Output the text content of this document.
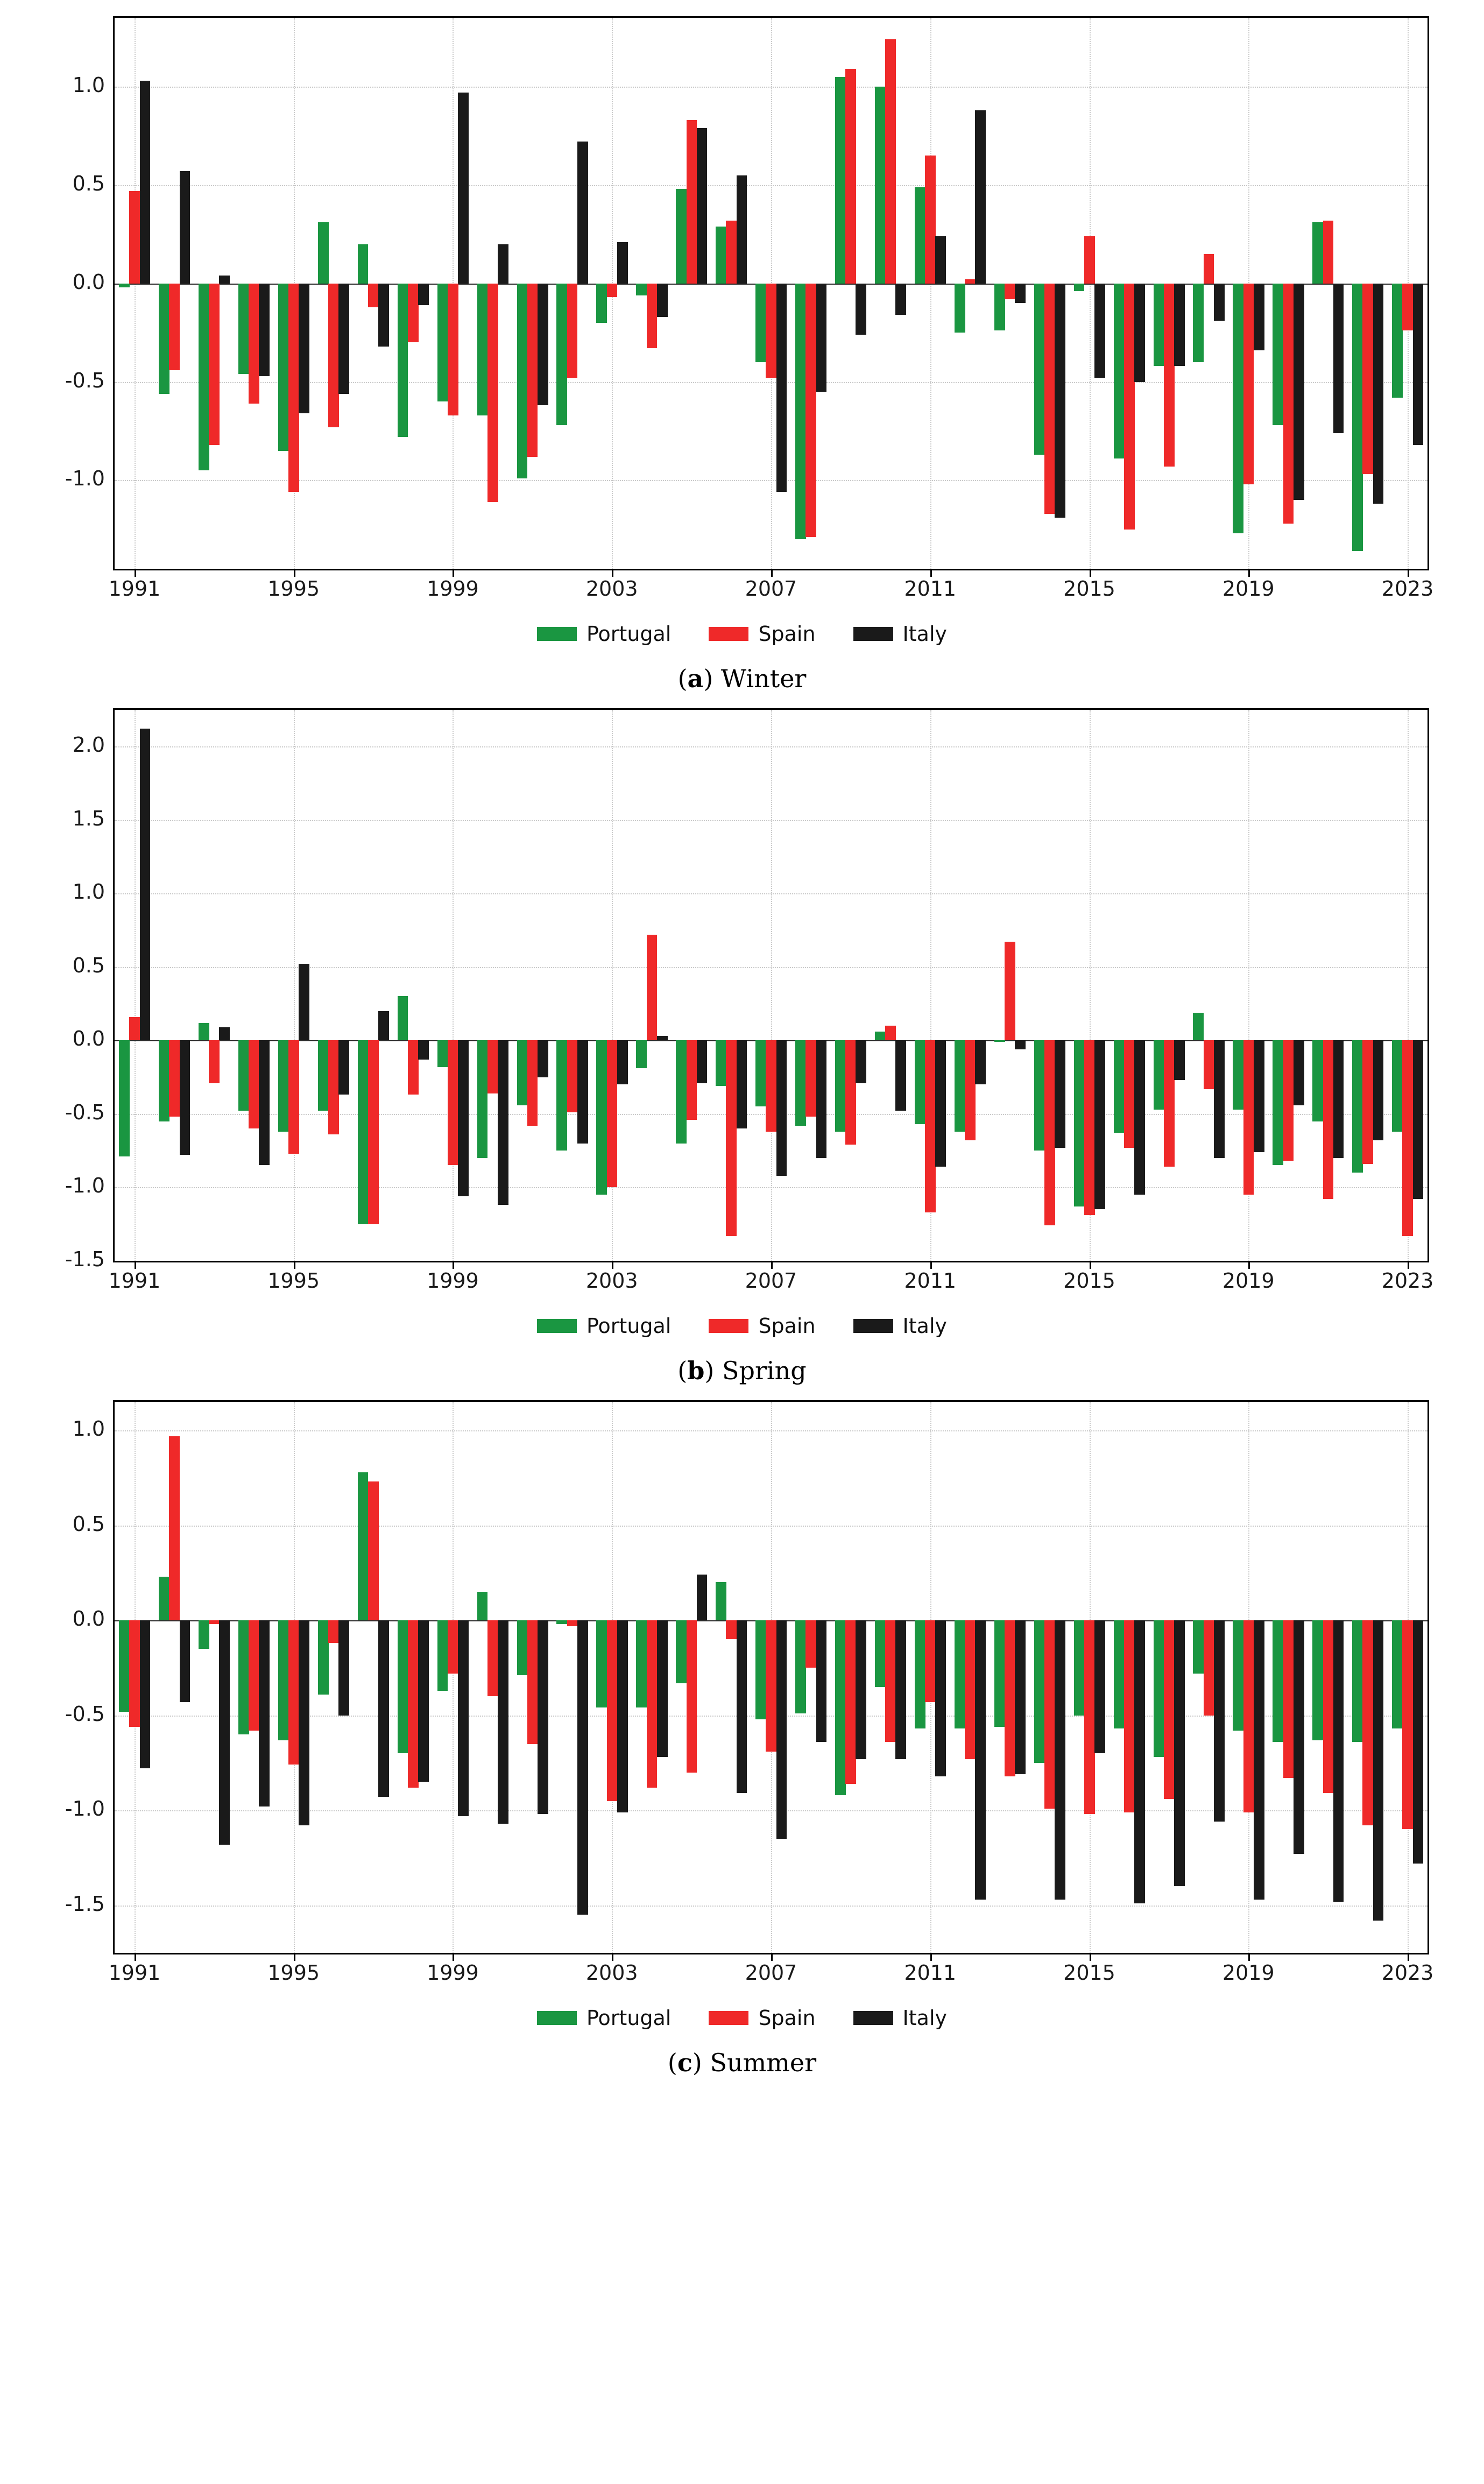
-1.0
-0.5
0.0
0.5
1.0
1991	1995	1999	2003	2007	2011	2015	2019	2023
Portugal	Spain	Italy
(a) Winter
-1.5
-1.0
-0.5
0.0
0.5
1.0
1.5
2.0
1991	1995	1999	2003	2007	2011	2015	2019	2023
Portugal	Spain	Italy
(b) Spring
-1.5
-1.0
-0.5
0.0
0.5
1.0
1991	1995	1999	2003	2007	2011	2015	2019	2023
Portugal	Spain	Italy
(c) Summer
